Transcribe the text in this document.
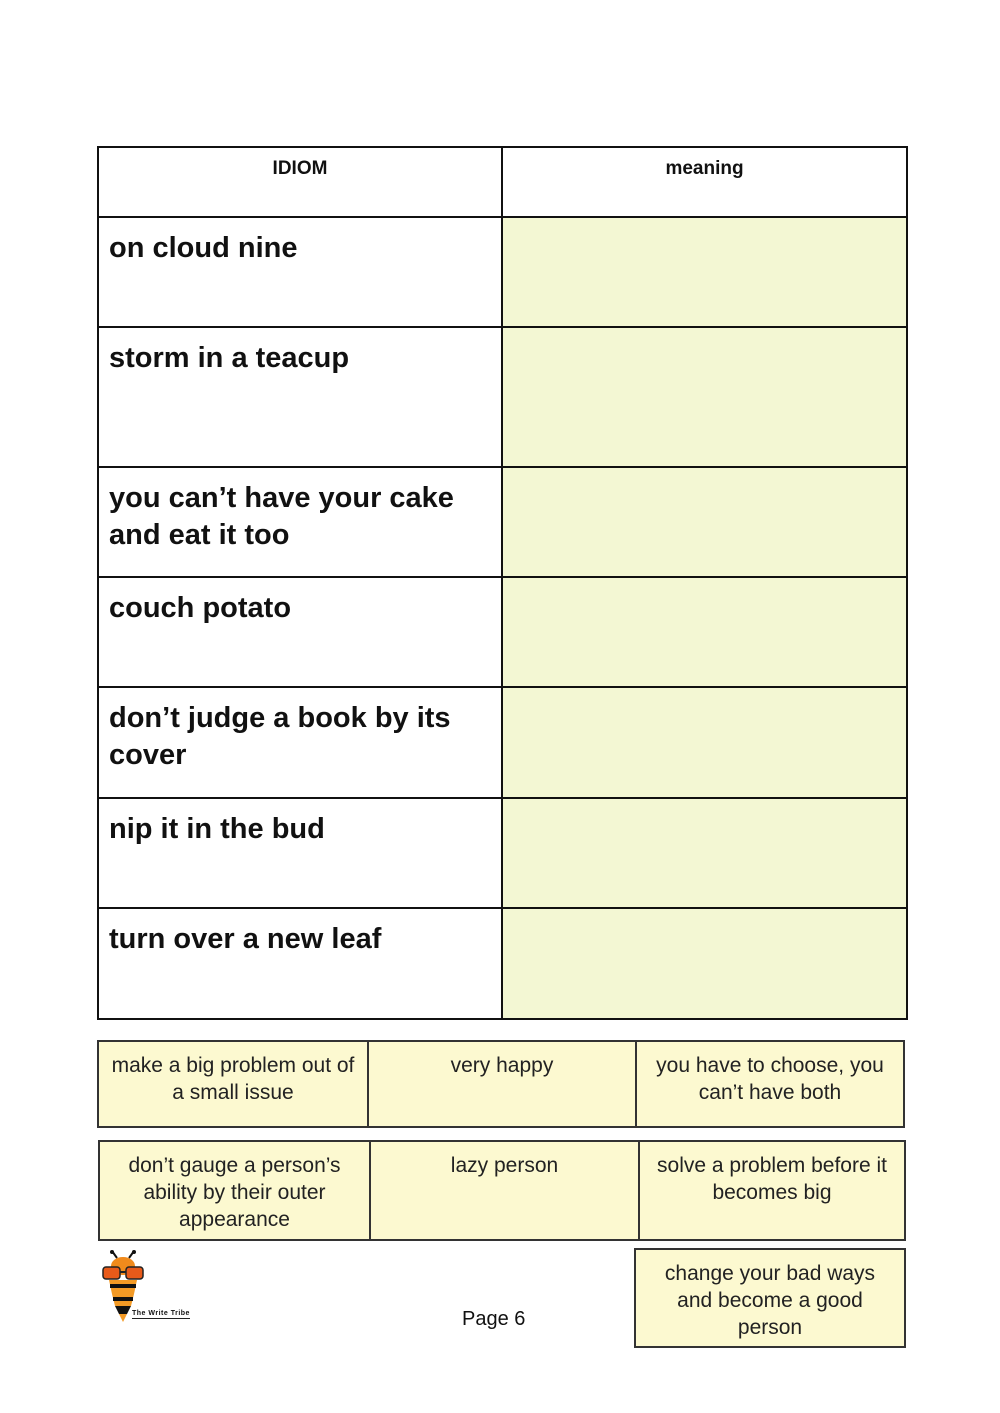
IDIOM	meaning
on cloud nine	
storm in a teacup	
you can’t have your cake and eat it too	
couch potato	
don’t judge a book by its cover	
nip it in the bud	
turn over a new leaf	
make a big problem out of a small issue
very happy	you have to choose, you can’t have both
don’t gauge a person’s ability by their outer appearance
lazy person	solve a problem before it becomes big
change your bad ways and become a good person
The Write Tribe	Page 6
